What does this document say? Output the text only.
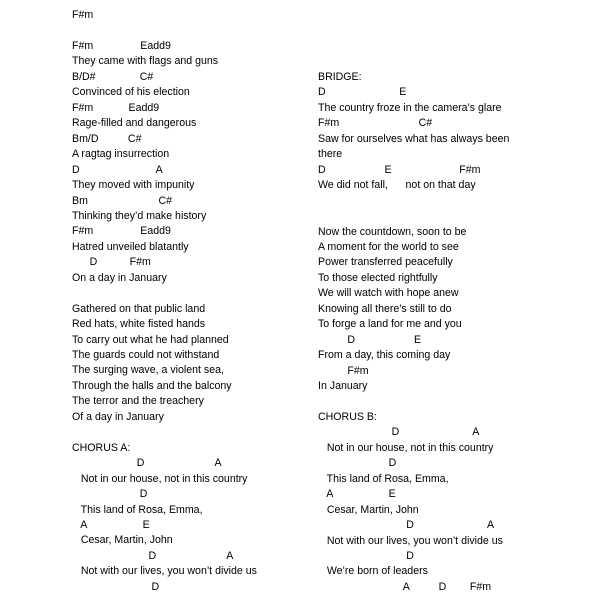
F#m
F#m                Eadd9
They came with flags and guns
B/D#               C#
Convinced of his election
F#m            Eadd9
Rage-filled and dangerous
Bm/D          C#
A ragtag insurrection
D                          A
They moved with impunity
Bm                        C#
Thinking they’d make history
F#m                Eadd9
Hatred unveiled blatantly
D           F#m
On a day in January
Gathered on that public land
Red hats, white fisted hands
To carry out what he had planned
The guards could not withstand
The surging wave, a violent sea,
Through the halls and the balcony
The terror and the treachery
Of a day in January
CHORUS A:
D                        A
Not in our house, not in this country
D
This land of Rosa, Emma,
A                   E
Cesar, Martin, John
D                        A
Not with our lives, you won’t divide us
D
BRIDGE:
D                         E
The country froze in the camera’s glare
F#m                           C#
Saw for ourselves what has always been
there
D                    E                       F#m
We did not fall,      not on that day
Now the countdown, soon to be
A moment for the world to see
Power transferred peacefully
To those elected rightfully
We will watch with hope anew
Knowing all there’s still to do
To forge a land for me and you
D                    E
From a day, this coming day
F#m
In January
CHORUS B:
D                         A
Not in our house, not in this country
D
This land of Rosa, Emma,
A                   E
Cesar, Martin, John
D                         A
Not with our lives, you won’t divide us
D
We’re born of leaders
A          D        F#m
